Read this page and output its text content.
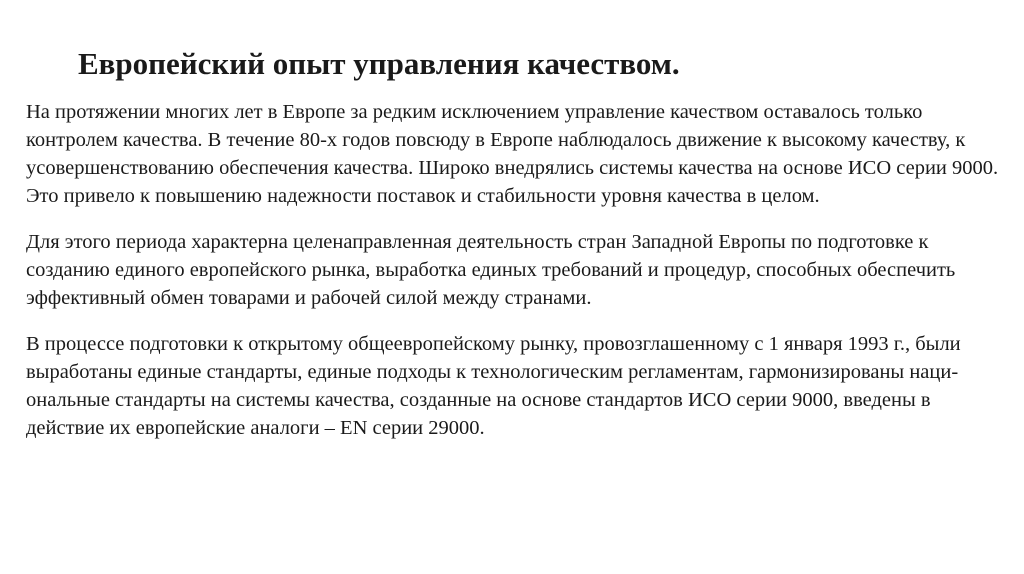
Европейский опыт управления качеством.

На протяжении многих лет в Европе за редким исключением управление качеством оставалось только контролем качества. В течение 80-х годов повсюду в Европе наблюдалось движение к высокому качеству, к усовершенствованию обеспечения качества. Широко внедрялись системы качества на основе ИСО серии 9000. Это привело к повышению надежности поставок и стабильности уровня качества в целом.

Для этого периода характерна целенаправленная деятельность стран Западной Европы по подготовке к созданию единого европейского рынка, выработка единых требований и процедур, способных обеспечить эффективный обмен товарами и рабочей силой между странами.

В процессе подготовки к открытому общеевропейскому рынку, провозглашенному с 1 января 1993 г., были выработаны единые стандарты, единые подходы к технологическим регламентам, гармонизированы наци- ональные стандарты на системы качества, созданные на основе стандартов ИСО серии 9000, введены в действие их европейские аналоги – EN серии 29000.
